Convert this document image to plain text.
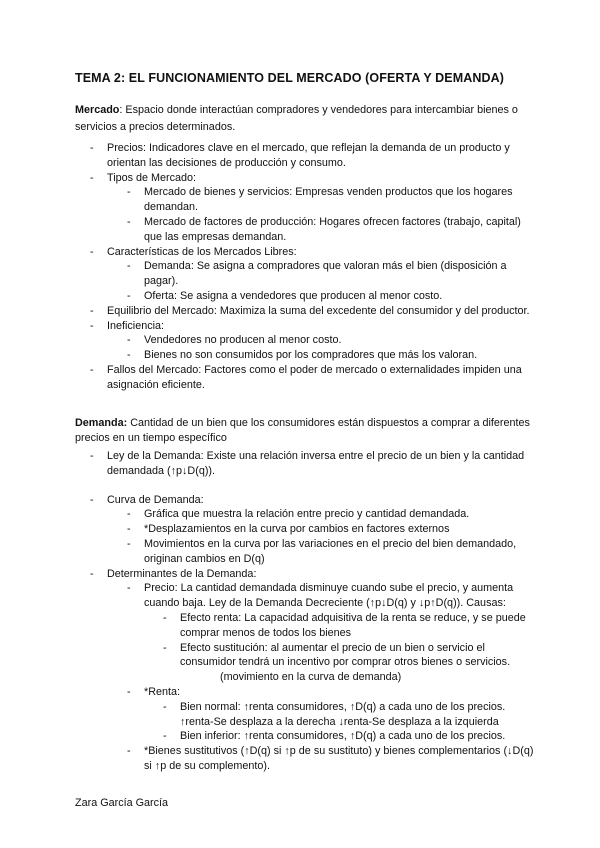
TEMA 2: EL FUNCIONAMIENTO DEL MERCADO (OFERTA Y DEMANDA)
Mercado: Espacio donde interactúan compradores y vendedores para intercambiar bienes o servicios a precios determinados.
- Precios: Indicadores clave en el mercado, que reflejan la demanda de un producto y orientan las decisiones de producción y consumo.
- Tipos de Mercado:
- Mercado de bienes y servicios: Empresas venden productos que los hogares demandan.
- Mercado de factores de producción: Hogares ofrecen factores (trabajo, capital) que las empresas demandan.
- Características de los Mercados Libres:
- Demanda: Se asigna a compradores que valoran más el bien (disposición a pagar).
- Oferta: Se asigna a vendedores que producen al menor costo.
- Equilibrio del Mercado: Maximiza la suma del excedente del consumidor y del productor.
- Ineficiencia:
- Vendedores no producen al menor costo.
- Bienes no son consumidos por los compradores que más los valoran.
- Fallos del Mercado: Factores como el poder de mercado o externalidades impiden una asignación eficiente.
Demanda: Cantidad de un bien que los consumidores están dispuestos a comprar a diferentes precios en un tiempo específico
- Ley de la Demanda: Existe una relación inversa entre el precio de un bien y la cantidad demandada (↑p↓D(q)).
- Curva de Demanda:
- Gráfica que muestra la relación entre precio y cantidad demandada.
- *Desplazamientos en la curva por cambios en factores externos
- Movimientos en la curva por las variaciones en el precio del bien demandado, originan cambios en D(q)
- Determinantes de la Demanda:
- Precio: La cantidad demandada disminuye cuando sube el precio, y aumenta cuando baja. Ley de la Demanda Decreciente (↑p↓D(q) y ↓p↑D(q)). Causas:
- Efecto renta: La capacidad adquisitiva de la renta se reduce, y se puede comprar menos de todos los bienes
- Efecto sustitución: al aumentar el precio de un bien o servicio el consumidor tendrá un incentivo por comprar otros bienes o servicios.
(movimiento en la curva de demanda)
- *Renta:
- Bien normal: ↑renta consumidores, ↑D(q) a cada uno de los precios.
↑renta-Se desplaza a la derecha ↓renta-Se desplaza a la izquierda
- Bien inferior: ↑renta consumidores, ↑D(q) a cada uno de los precios.
- *Bienes sustitutivos (↑D(q) si ↑p de su sustituto) y bienes complementarios (↓D(q) si ↑p de su complemento).
Zara García García
